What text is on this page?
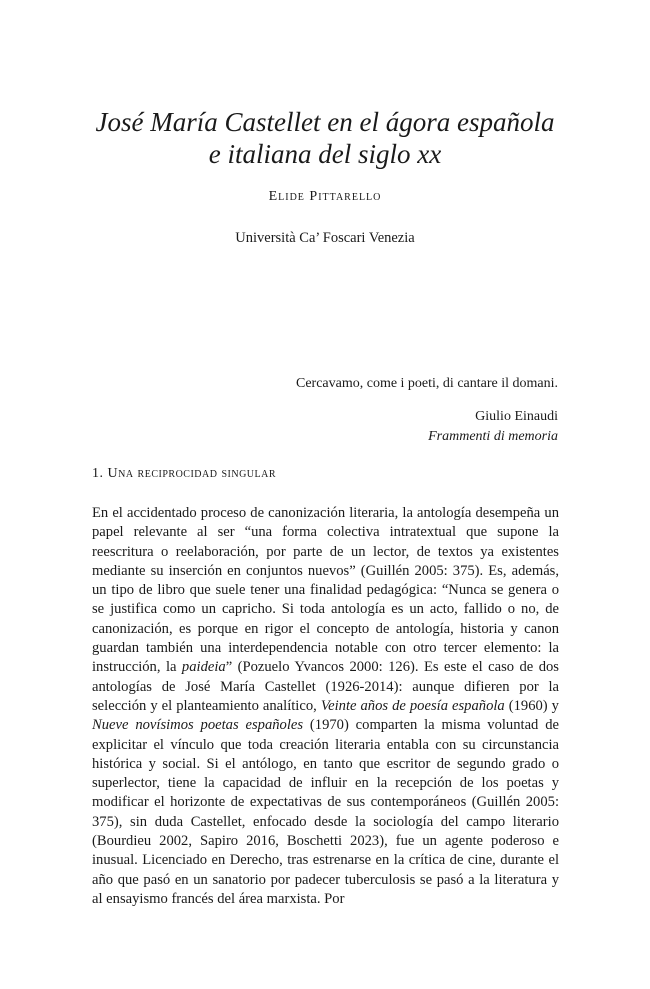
José María Castellet en el ágora española
e italiana del siglo xx
Elide Pittarello
Università Ca’ Foscari Venezia
Cercavamo, come i poeti, di cantare il domani.
Giulio Einaudi
Frammenti di memoria
1. Una reciprocidad singular
En el accidentado proceso de canonización literaria, la antología desempeña un papel relevante al ser “una forma colectiva intratextual que supone la reescritura o reelaboración, por parte de un lector, de textos ya existentes mediante su inserción en conjuntos nuevos” (Guillén 2005: 375). Es, además, un tipo de libro que suele tener una finalidad pedagógica: “Nunca se genera o se justifica como un capricho. Si toda antología es un acto, fallido o no, de canonización, es porque en rigor el concepto de antología, historia y canon guardan también una interdependencia notable con otro tercer elemento: la instrucción, la paideia” (Pozuelo Yvancos 2000: 126). Es este el caso de dos antologías de José María Castellet (1926-2014): aunque difieren por la selección y el planteamiento analítico, Veinte años de poesía española (1960) y Nueve novísimos poetas españoles (1970) comparten la misma voluntad de explicitar el vínculo que toda creación literaria entabla con su circunstancia histórica y social. Si el antólogo, en tanto que escritor de segundo grado o superlector, tiene la capacidad de influir en la recepción de los poetas y modificar el horizonte de expectativas de sus contemporáneos (Guillén 2005: 375), sin duda Castellet, enfocado desde la sociología del campo literario (Bourdieu 2002, Sapiro 2016, Boschetti 2023), fue un agente poderoso e inusual. Licenciado en Derecho, tras estrenarse en la crítica de cine, durante el año que pasó en un sanatorio por padecer tuberculosis se pasó a la literatura y al ensayismo francés del área marxista. Por
